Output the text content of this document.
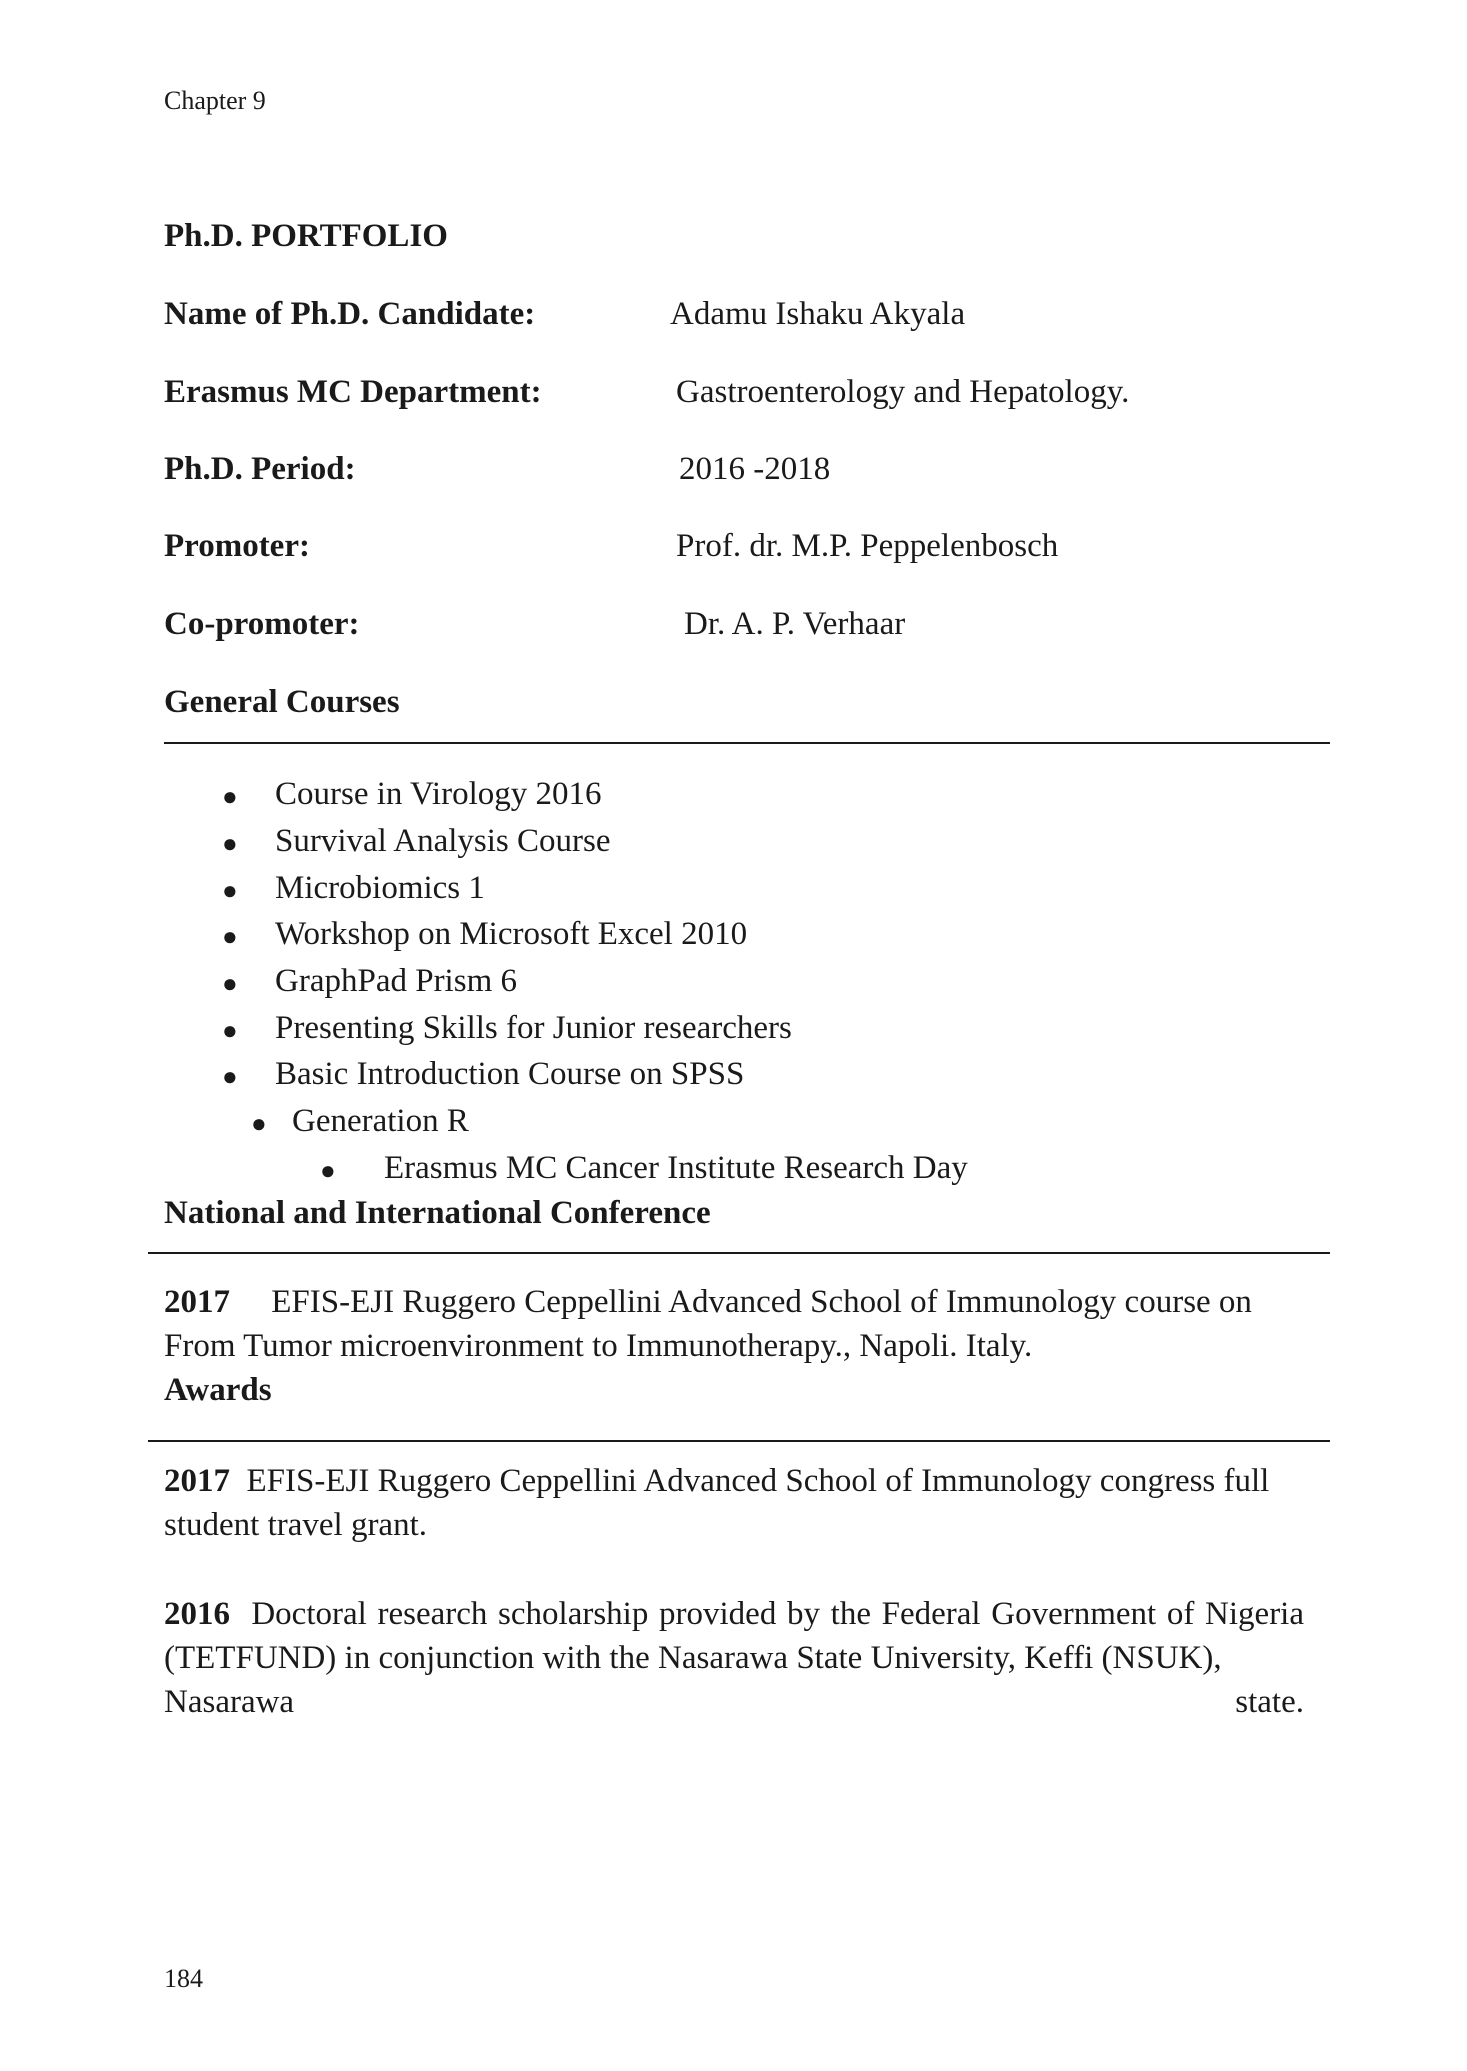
Chapter 9
Ph.D. PORTFOLIO
Name of Ph.D. Candidate:	Adamu Ishaku Akyala
Erasmus MC Department:	Gastroenterology and Hepatology.
Ph.D. Period:	2016 -2018
Promoter:	Prof. dr. M.P. Peppelenbosch
Co-promoter:	Dr. A. P. Verhaar
General Courses
● Course in Virology 2016
● Survival Analysis Course
● Microbiomics 1
● Workshop on Microsoft Excel 2010
● GraphPad Prism 6
● Presenting Skills for Junior researchers
● Basic Introduction Course on SPSS
● Generation R
● Erasmus MC Cancer Institute Research Day
National and International Conference
2017 EFIS-EJI Ruggero Ceppellini Advanced School of Immunology course on From Tumor microenvironment to Immunotherapy., Napoli. Italy.
Awards
2017 EFIS-EJI Ruggero Ceppellini Advanced School of Immunology congress full student travel grant.
2016 Doctoral research scholarship provided by the Federal Government of Nigeria (TETFUND) in conjunction with the Nasarawa State University, Keffi (NSUK),
Nasarawa	state.
184
